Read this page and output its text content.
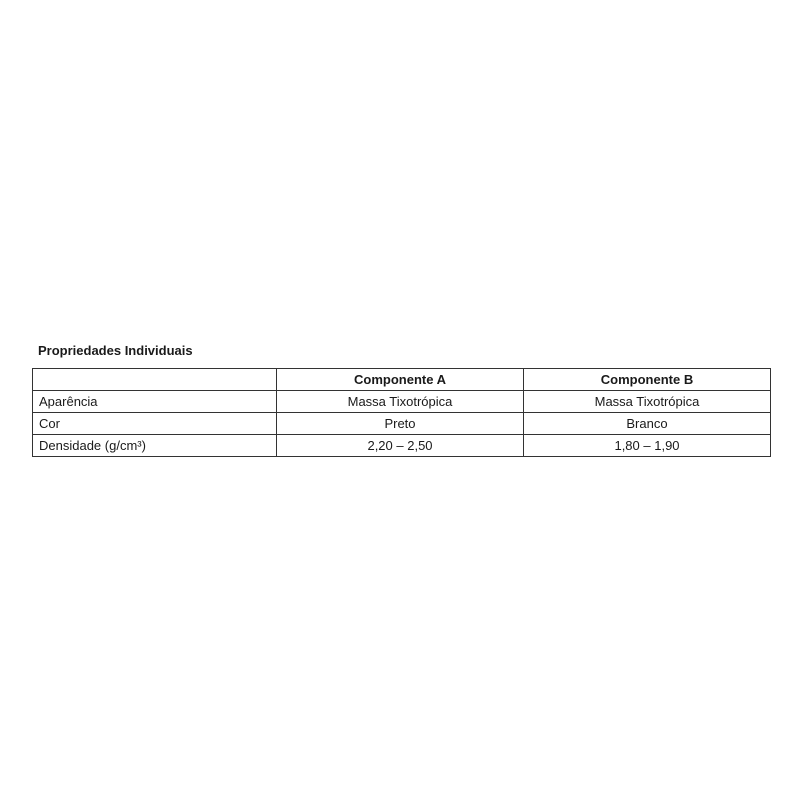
Propriedades Individuais
	Componente A	Componente B
Aparência	Massa Tixotrópica	Massa Tixotrópica
Cor	Preto	Branco
Densidade (g/cm³)	2,20 – 2,50	1,80 – 1,90
